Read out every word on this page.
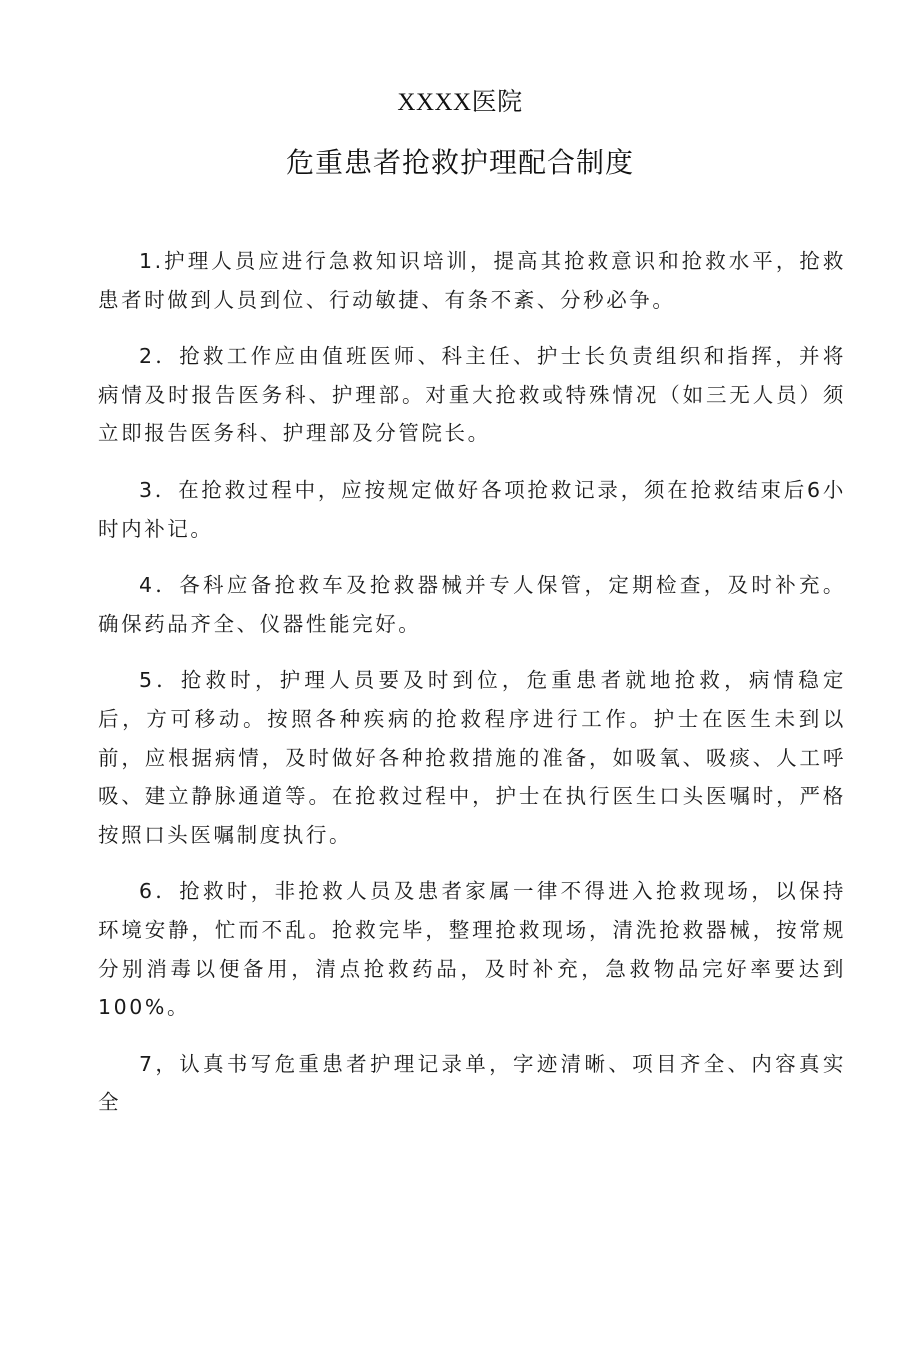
XXXX医院
危重患者抢救护理配合制度

1.护理人员应进行急救知识培训，提高其抢救意识和抢救水平，抢救患者时做到人员到位、行动敏捷、有条不紊、分秒必争。

2．抢救工作应由值班医师、科主任、护士长负责组织和指挥，并将病情及时报告医务科、护理部。对重大抢救或特殊情况（如三无人员）须立即报告医务科、护理部及分管院长。

3．在抢救过程中，应按规定做好各项抢救记录，须在抢救结束后6小时内补记。

4．各科应备抢救车及抢救器械并专人保管，定期检查，及时补充。确保药品齐全、仪器性能完好。

5．抢救时，护理人员要及时到位，危重患者就地抢救，病情稳定后，方可移动。按照各种疾病的抢救程序进行工作。护士在医生未到以前，应根据病情，及时做好各种抢救措施的准备，如吸氧、吸痰、人工呼吸、建立静脉通道等。在抢救过程中，护士在执行医生口头医嘱时，严格按照口头医嘱制度执行。

6．抢救时，非抢救人员及患者家属一律不得进入抢救现场，以保持环境安静，忙而不乱。抢救完毕，整理抢救现场，清洗抢救器械，按常规分别消毒以便备用，清点抢救药品，及时补充，急救物品完好率要达到100%。

7，认真书写危重患者护理记录单，字迹清晰、项目齐全、内容真实全
